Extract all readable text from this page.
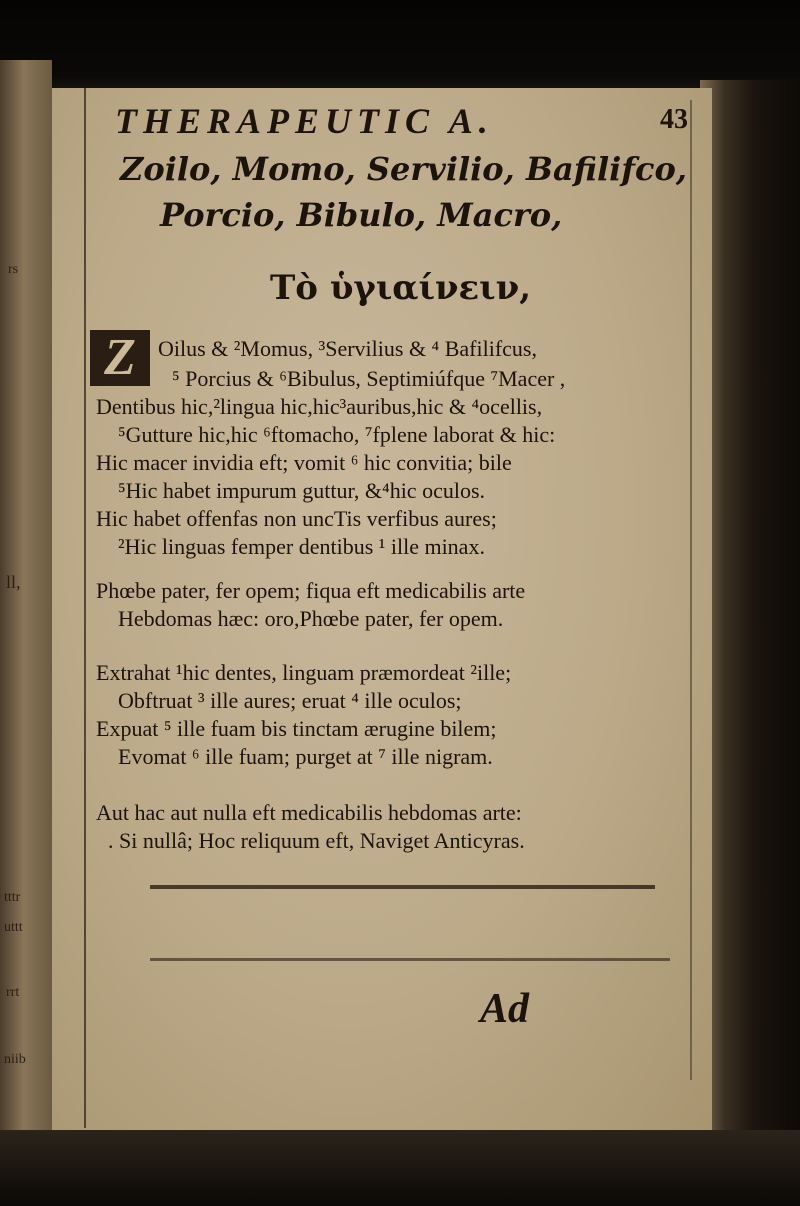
rs
ll,
tttr
uttt
rrt
niib
THERAPEUTIC A.	43
Zoilo, Momo, Servilio, Bafilifco,
Porcio, Bibulo, Macro,
Τὸ ὑγιαίνειν,
Z	Oilus & ²Momus, ³Servilius & ⁴ Bafilifcus,
⁵ Porcius & ⁶Bibulus, Septimiúfque ⁷Macer ,
Dentibus hic,²lingua hic,hic³auribus,hic & ⁴ocellis,
⁵Gutture hic,hic ⁶ftomacho, ⁷fplene laborat & hic:
Hic macer invidia eft; vomit ⁶ hic convitia; bile
⁵Hic habet impurum guttur, &⁴hic oculos.
Hic habet offenfas non uncTis verfibus aures;
²Hic linguas femper dentibus ¹ ille minax.
Phœbe pater, fer opem; fiqua eft medicabilis arte
Hebdomas hæc: oro,Phœbe pater, fer opem.
Extrahat ¹hic dentes, linguam præmordeat ²ille;
Obftruat ³ ille aures; eruat ⁴ ille oculos;
Expuat ⁵ ille fuam bis tinctam ærugine bilem;
Evomat ⁶ ille fuam; purget at ⁷ ille nigram.
Aut hac aut nulla eft medicabilis hebdomas arte:
. Si nullâ; Hoc reliquum eft, Naviget Anticyras.
Ad
